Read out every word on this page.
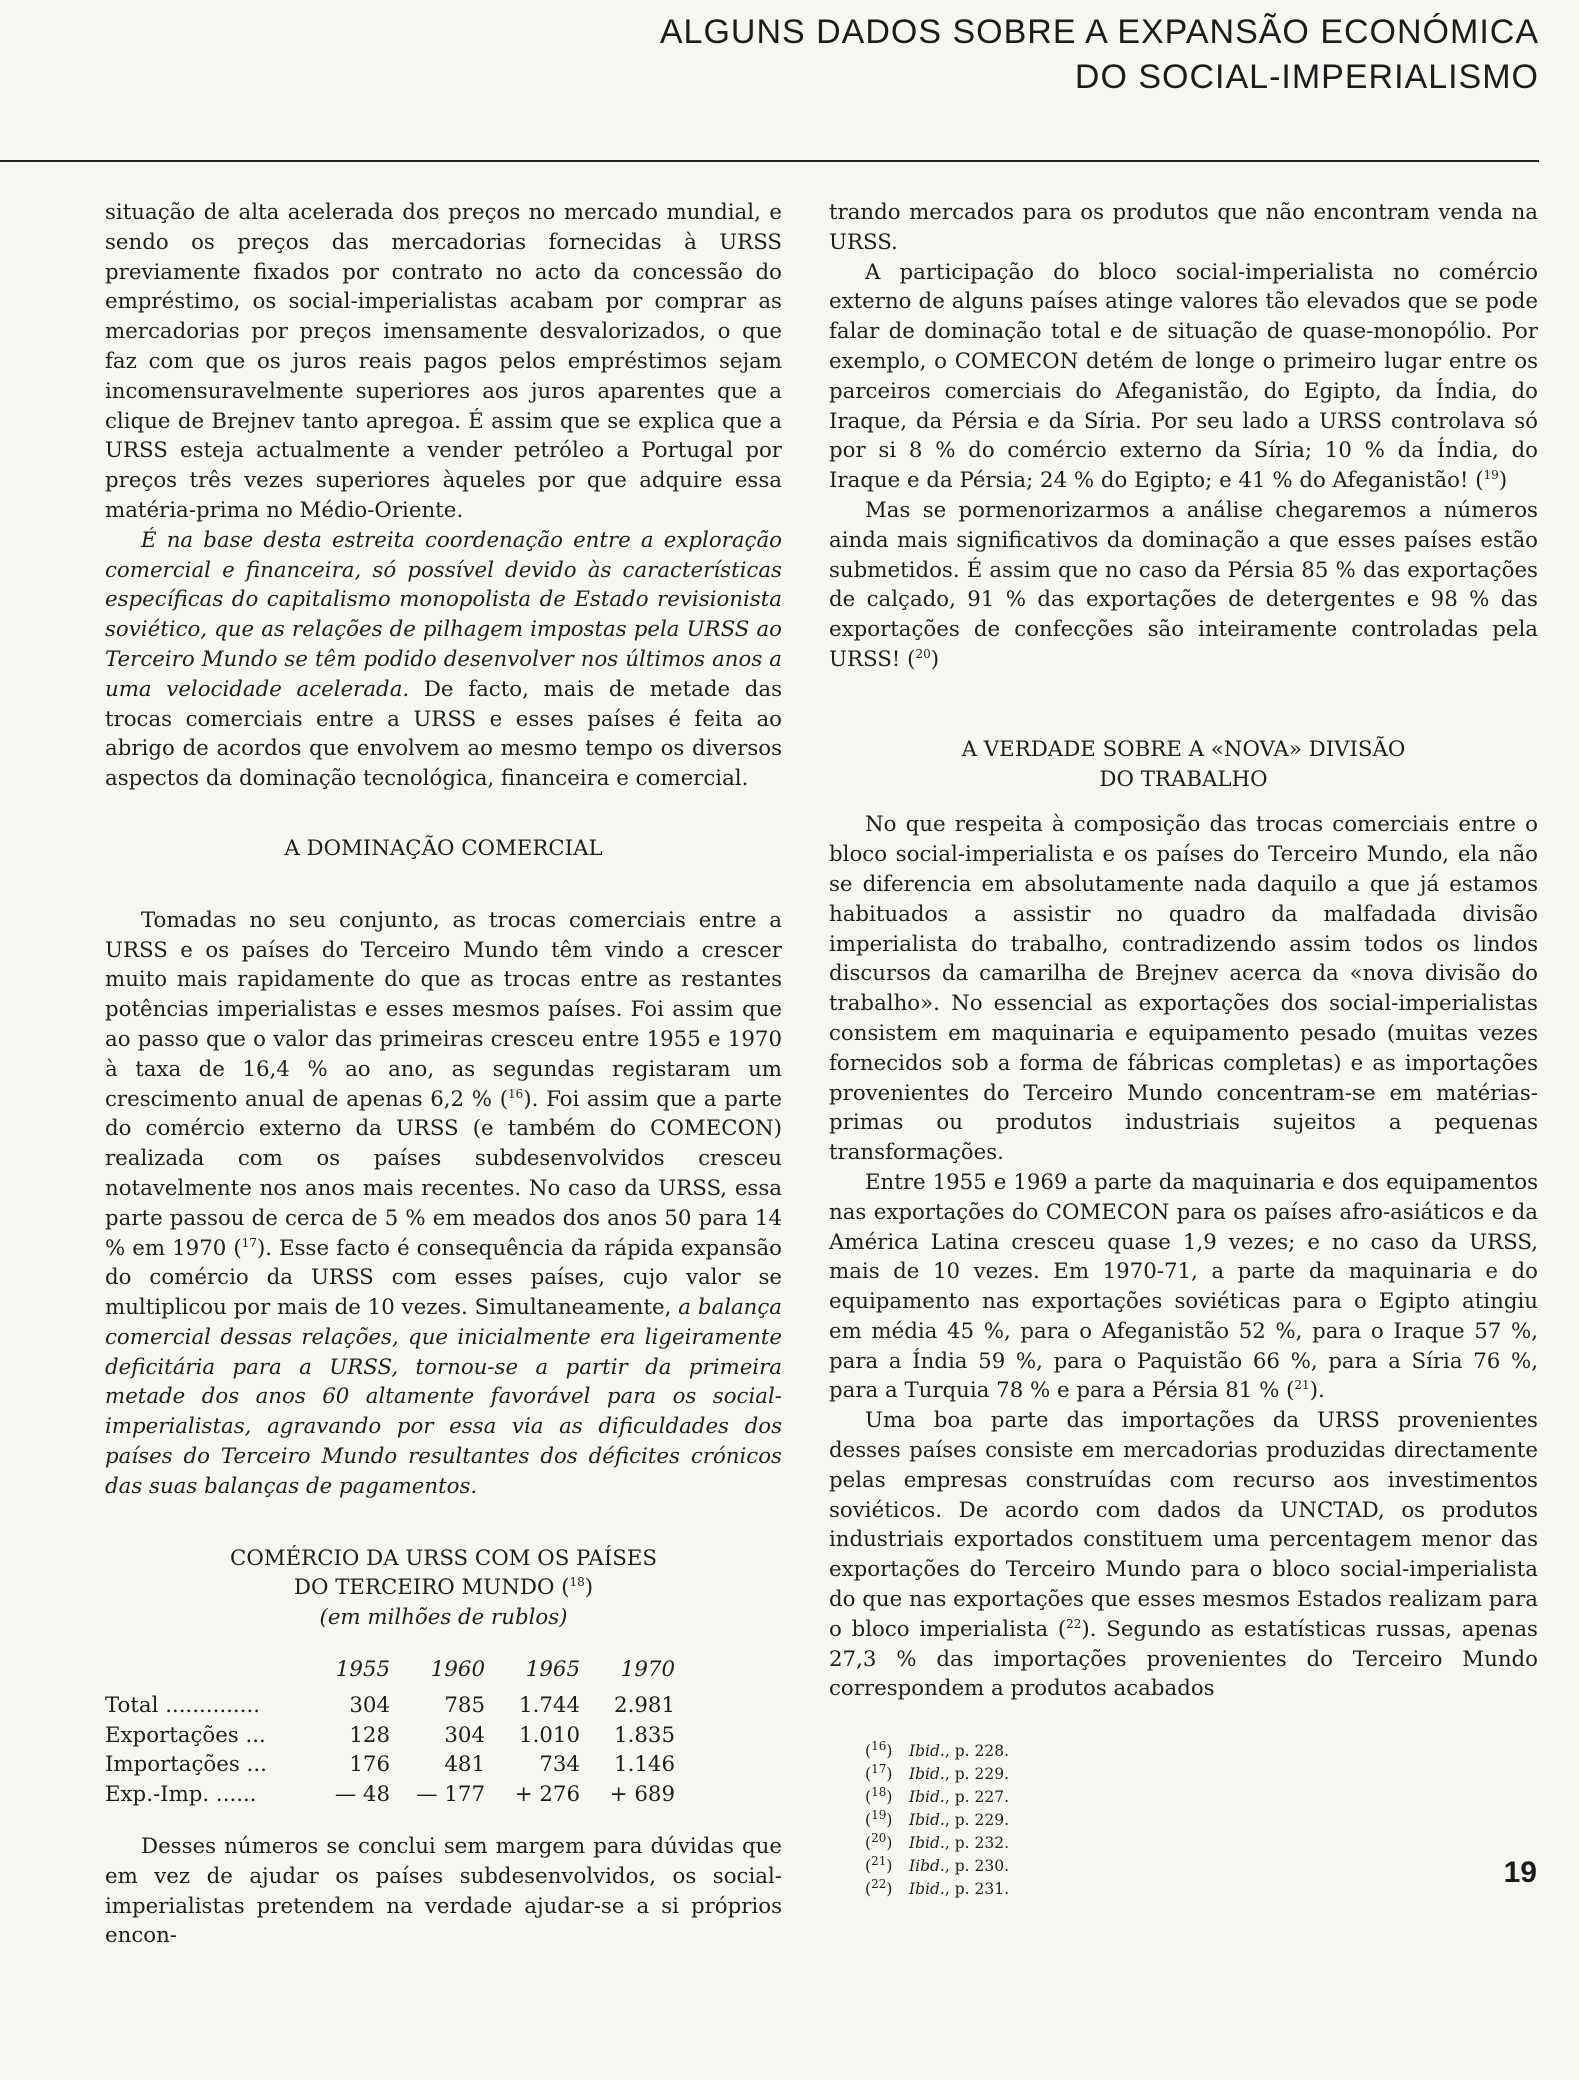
ALGUNS DADOS SOBRE A EXPANSÃO ECONÓMICA
DO SOCIAL-IMPERIALISMO

situação de alta acelerada dos preços no mercado mundial, e sendo os preços das mercadorias fornecidas à URSS previamente fixados por contrato no acto da concessão do empréstimo, os social-imperialistas acabam por comprar as mercadorias por preços imensamente desvalorizados, o que faz com que os juros reais pagos pelos empréstimos sejam incomensuravelmente superiores aos juros aparentes que a clique de Brejnev tanto apregoa. É assim que se explica que a URSS esteja actualmente a vender petróleo a Portugal por preços três vezes superiores àqueles por que adquire essa matéria-prima no Médio-Oriente.

É na base desta estreita coordenação entre a exploração comercial e financeira, só possível devido às características específicas do capitalismo monopolista de Estado revisionista soviético, que as relações de pilhagem impostas pela URSS ao Terceiro Mundo se têm podido desenvolver nos últimos anos a uma velocidade acelerada. De facto, mais de metade das trocas comerciais entre a URSS e esses países é feita ao abrigo de acordos que envolvem ao mesmo tempo os diversos aspectos da dominação tecnológica, financeira e comercial.

A DOMINAÇÃO COMERCIAL

Tomadas no seu conjunto, as trocas comerciais entre a URSS e os países do Terceiro Mundo têm vindo a crescer muito mais rapidamente do que as trocas entre as restantes potências imperialistas e esses mesmos países. Foi assim que ao passo que o valor das primeiras cresceu entre 1955 e 1970 à taxa de 16,4 % ao ano, as segundas registaram um crescimento anual de apenas 6,2 % ($^{16}$). Foi assim que a parte do comércio externo da URSS (e também do COMECON) realizada com os países subdesenvolvidos cresceu notavelmente nos anos mais recentes. No caso da URSS, essa parte passou de cerca de 5 % em meados dos anos 50 para 14 % em 1970 ($^{17}$). Esse facto é consequência da rápida expansão do comércio da URSS com esses países, cujo valor se multiplicou por mais de 10 vezes. Simultaneamente, a balança comercial dessas relações, que inicialmente era ligeiramente deficitária para a URSS, tornou-se a partir da primeira metade dos anos 60 altamente favorável para os social-imperialistas, agravando por essa via as dificuldades dos países do Terceiro Mundo resultantes dos déficites crónicos das suas balanças de pagamentos.

COMÉRCIO DA URSS COM OS PAÍSES
DO TERCEIRO MUNDO ($^{18}$)
(em milhões de rublos)
	1955	1960	1965	1970
Total ..............	304	785	1.744	2.981
Exportações ...	128	304	1.010	1.835
Importações ...	176	481	734	1.146
Exp.-Imp. ......	— 48	— 177	+ 276	+ 689

Desses números se conclui sem margem para dúvidas que em vez de ajudar os países subdesenvolvidos, os social-imperialistas pretendem na verdade ajudar-se a si próprios encon-

trando mercados para os produtos que não encontram venda na URSS.

A participação do bloco social-imperialista no comércio externo de alguns países atinge valores tão elevados que se pode falar de dominação total e de situação de quase-monopólio. Por exemplo, o COMECON detém de longe o primeiro lugar entre os parceiros comerciais do Afeganistão, do Egipto, da Índia, do Iraque, da Pérsia e da Síria. Por seu lado a URSS controlava só por si 8 % do comércio externo da Síria; 10 % da Índia, do Iraque e da Pérsia; 24 % do Egipto; e 41 % do Afeganistão! ($^{19}$)

Mas se pormenorizarmos a análise chegaremos a números ainda mais significativos da dominação a que esses países estão submetidos. É assim que no caso da Pérsia 85 % das exportações de calçado, 91 % das exportações de detergentes e 98 % das exportações de confecções são inteiramente controladas pela URSS! ($^{20}$)

A VERDADE SOBRE A «NOVA» DIVISÃO
DO TRABALHO

No que respeita à composição das trocas comerciais entre o bloco social-imperialista e os países do Terceiro Mundo, ela não se diferencia em absolutamente nada daquilo a que já estamos habituados a assistir no quadro da malfadada divisão imperialista do trabalho, contradizendo assim todos os lindos discursos da camarilha de Brejnev acerca da «nova divisão do trabalho». No essencial as exportações dos social-imperialistas consistem em maquinaria e equipamento pesado (muitas vezes fornecidos sob a forma de fábricas completas) e as importações provenientes do Terceiro Mundo concentram-se em matérias-primas ou produtos industriais sujeitos a pequenas transformações.

Entre 1955 e 1969 a parte da maquinaria e dos equipamentos nas exportações do COMECON para os países afro-asiáticos e da América Latina cresceu quase 1,9 vezes; e no caso da URSS, mais de 10 vezes. Em 1970-71, a parte da maquinaria e do equipamento nas exportações soviéticas para o Egipto atingiu em média 45 %, para o Afeganistão 52 %, para o Iraque 57 %, para a Índia 59 %, para o Paquistão 66 %, para a Síria 76 %, para a Turquia 78 % e para a Pérsia 81 % ($^{21}$).

Uma boa parte das importações da URSS provenientes desses países consiste em mercadorias produzidas directamente pelas empresas construídas com recurso aos investimentos soviéticos. De acordo com dados da UNCTAD, os produtos industriais exportados constituem uma percentagem menor das exportações do Terceiro Mundo para o bloco social-imperialista do que nas exportações que esses mesmos Estados realizam para o bloco imperialista ($^{22}$). Segundo as estatísticas russas, apenas 27,3 % das importações provenientes do Terceiro Mundo correspondem a produtos acabados

($^{16}$) Ibid., p. 228.
($^{17}$) Ibid., p. 229.
($^{18}$) Ibid., p. 227.
($^{19}$) Ibid., p. 229.
($^{20}$) Ibid., p. 232.
($^{21}$) Iibd., p. 230.
($^{22}$) Ibid., p. 231.
19
